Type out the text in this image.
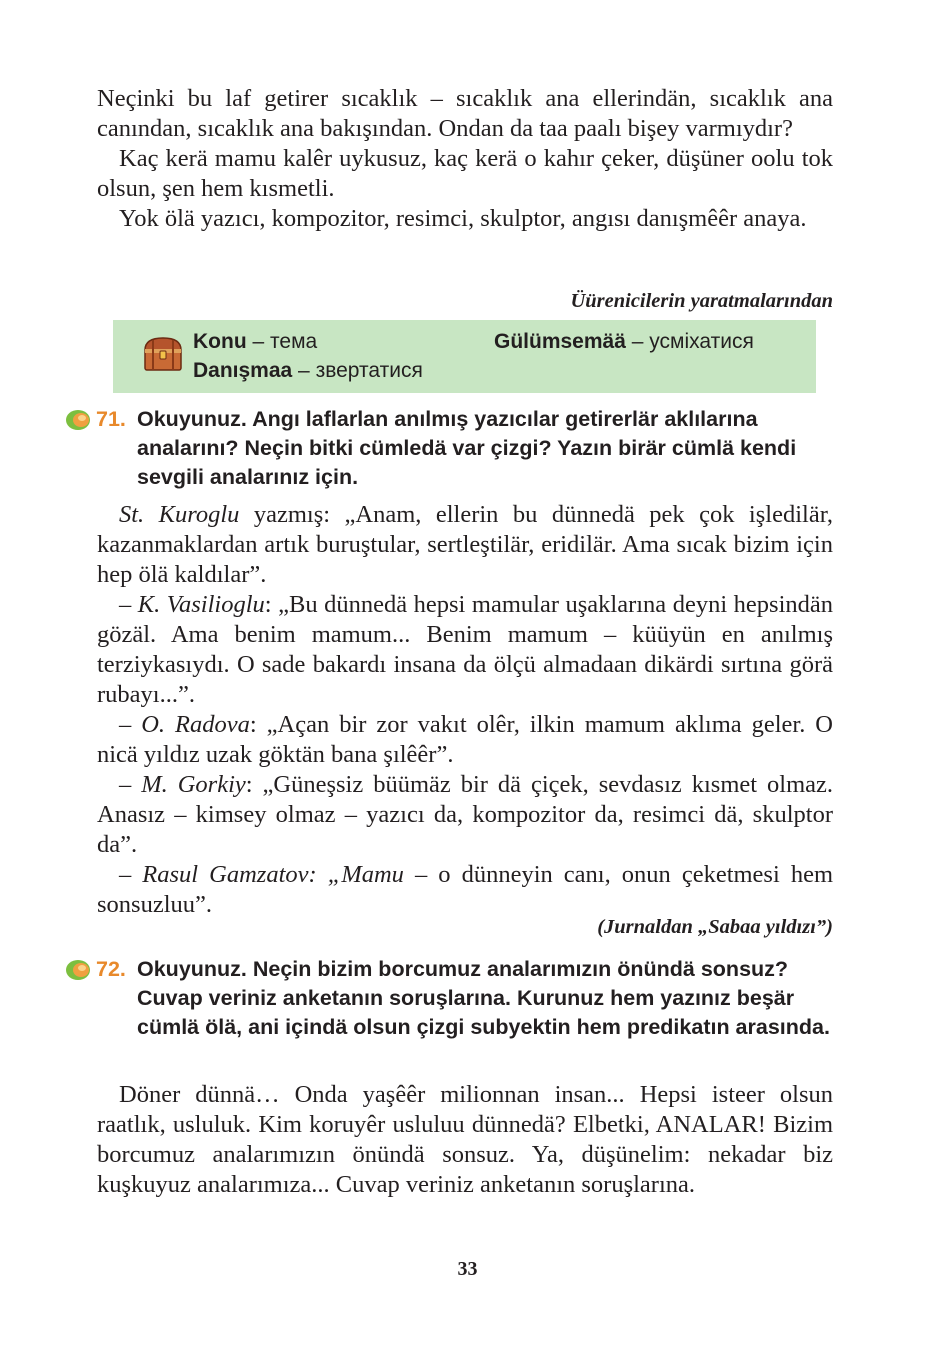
Neçinki bu laf getirer sıcaklık – sıcaklık ana ellerindän, sıcaklık ana canından, sıcaklık ana bakışından. Ondan da taa paalı bişey varmıydır?

Kaç kerä mamu kalêr uykusuz, kaç kerä o kahır çeker, düşüner oolu tok olsun, şen hem kısmetli.

Yok ölä yazıcı, kompozitor, resimci, skulptor, angısı danışmêêr anaya.

Üürenicilerin yaratmalarından
Konu – тема	Gülümsemää – усміхатися
Danışmaa – звертатися
71. Okuyunuz. Angı laflarlan anılmış yazıcılar getirerlär aklılarına analarını? Neçin bitki cümledä var çizgi? Yazın birär cümlä kendi sevgili analarınız için.

St. Kuroglu yazmış: „Anam, ellerin bu dünnedä pek çok işledilär, kazanmaklardan artık buruştular, sertleştilär, eridilär. Ama sıcak bizim için hep ölä kaldılar”.

– K. Vasilioglu: „Bu dünnedä hepsi mamular uşaklarına deyni hepsindän gözäl. Ama benim mamum... Benim mamum – küüyün en anılmış terziykasıydı. O sade bakardı insana da ölçü almadaan dikärdi sırtına görä rubayı...”.

– O. Radova: „Açan bir zor vakıt olêr, ilkin mamum aklıma geler. O nicä yıldız uzak göktän bana şılêêr”.

– M. Gorkiy: „Güneşsiz büümäz bir dä çiçek, sevdasız kısmet olmaz. Anasız – kimsey olmaz – yazıcı da, kompozitor da, resimci dä, skulptor da”.

– Rasul Gamzatov: „Mamu – o dünneyin canı, onun çeketmesi hem sonsuzluu”.

(Jurnaldan „Sabaa yıldızı”)
72. Okuyunuz. Neçin bizim borcumuz analarımızın önündä sonsuz? Cuvap veriniz anketanın soruşlarına. Kurunuz hem yazınız beşär cümlä ölä, ani içindä olsun çizgi subyektin hem predikatın arasında.

Döner dünnä… Onda yaşêêr milionnan insan... Hepsi isteer olsun raatlık, usluluk. Kim koruyêr usluluu dünnedä? Elbetki, ANALAR! Bizim borcumuz analarımızın önündä sonsuz. Ya, düşünelim: nekadar biz kuşkuyuz analarımıza... Cuvap veriniz anketanın soruşlarına.

33
